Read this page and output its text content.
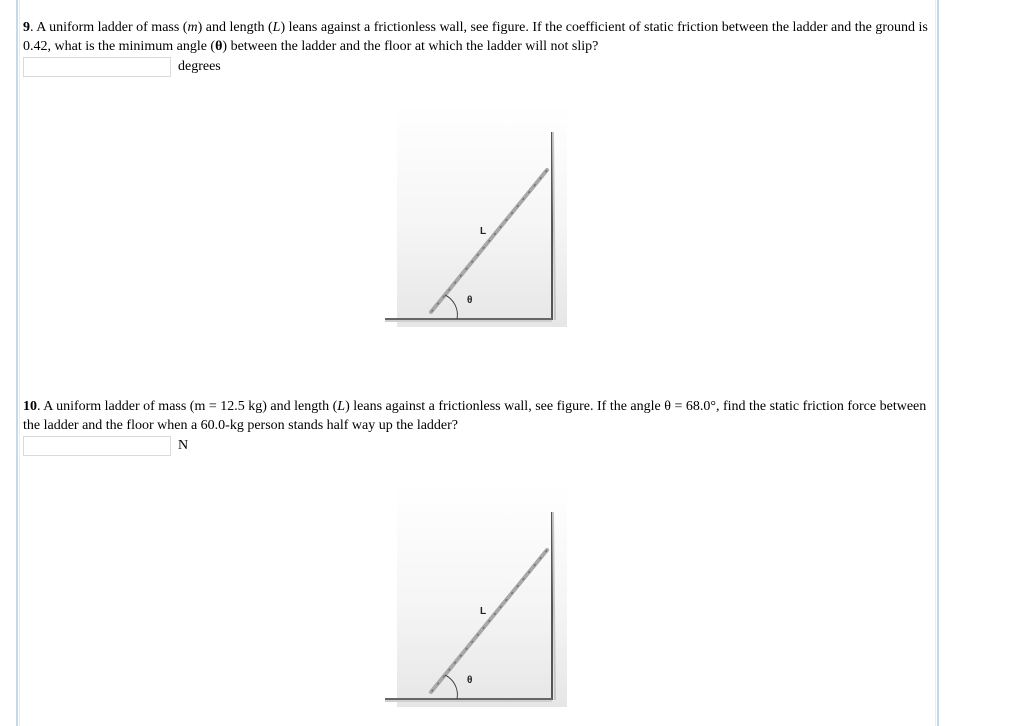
9. A uniform ladder of mass (m) and length (L) leans against a frictionless wall, see figure. If the coefficient of static friction between the ladder and the ground is 0.42, what is the minimum angle (θ) between the ladder and the floor at which the ladder will not slip?

degrees
L
θ

10. A uniform ladder of mass (m = 12.5 kg) and length (L) leans against a frictionless wall, see figure. If the angle θ = 68.0°, find the static friction force between the ladder and the floor when a 60.0-kg person stands half way up the ladder?

N
L
θ
